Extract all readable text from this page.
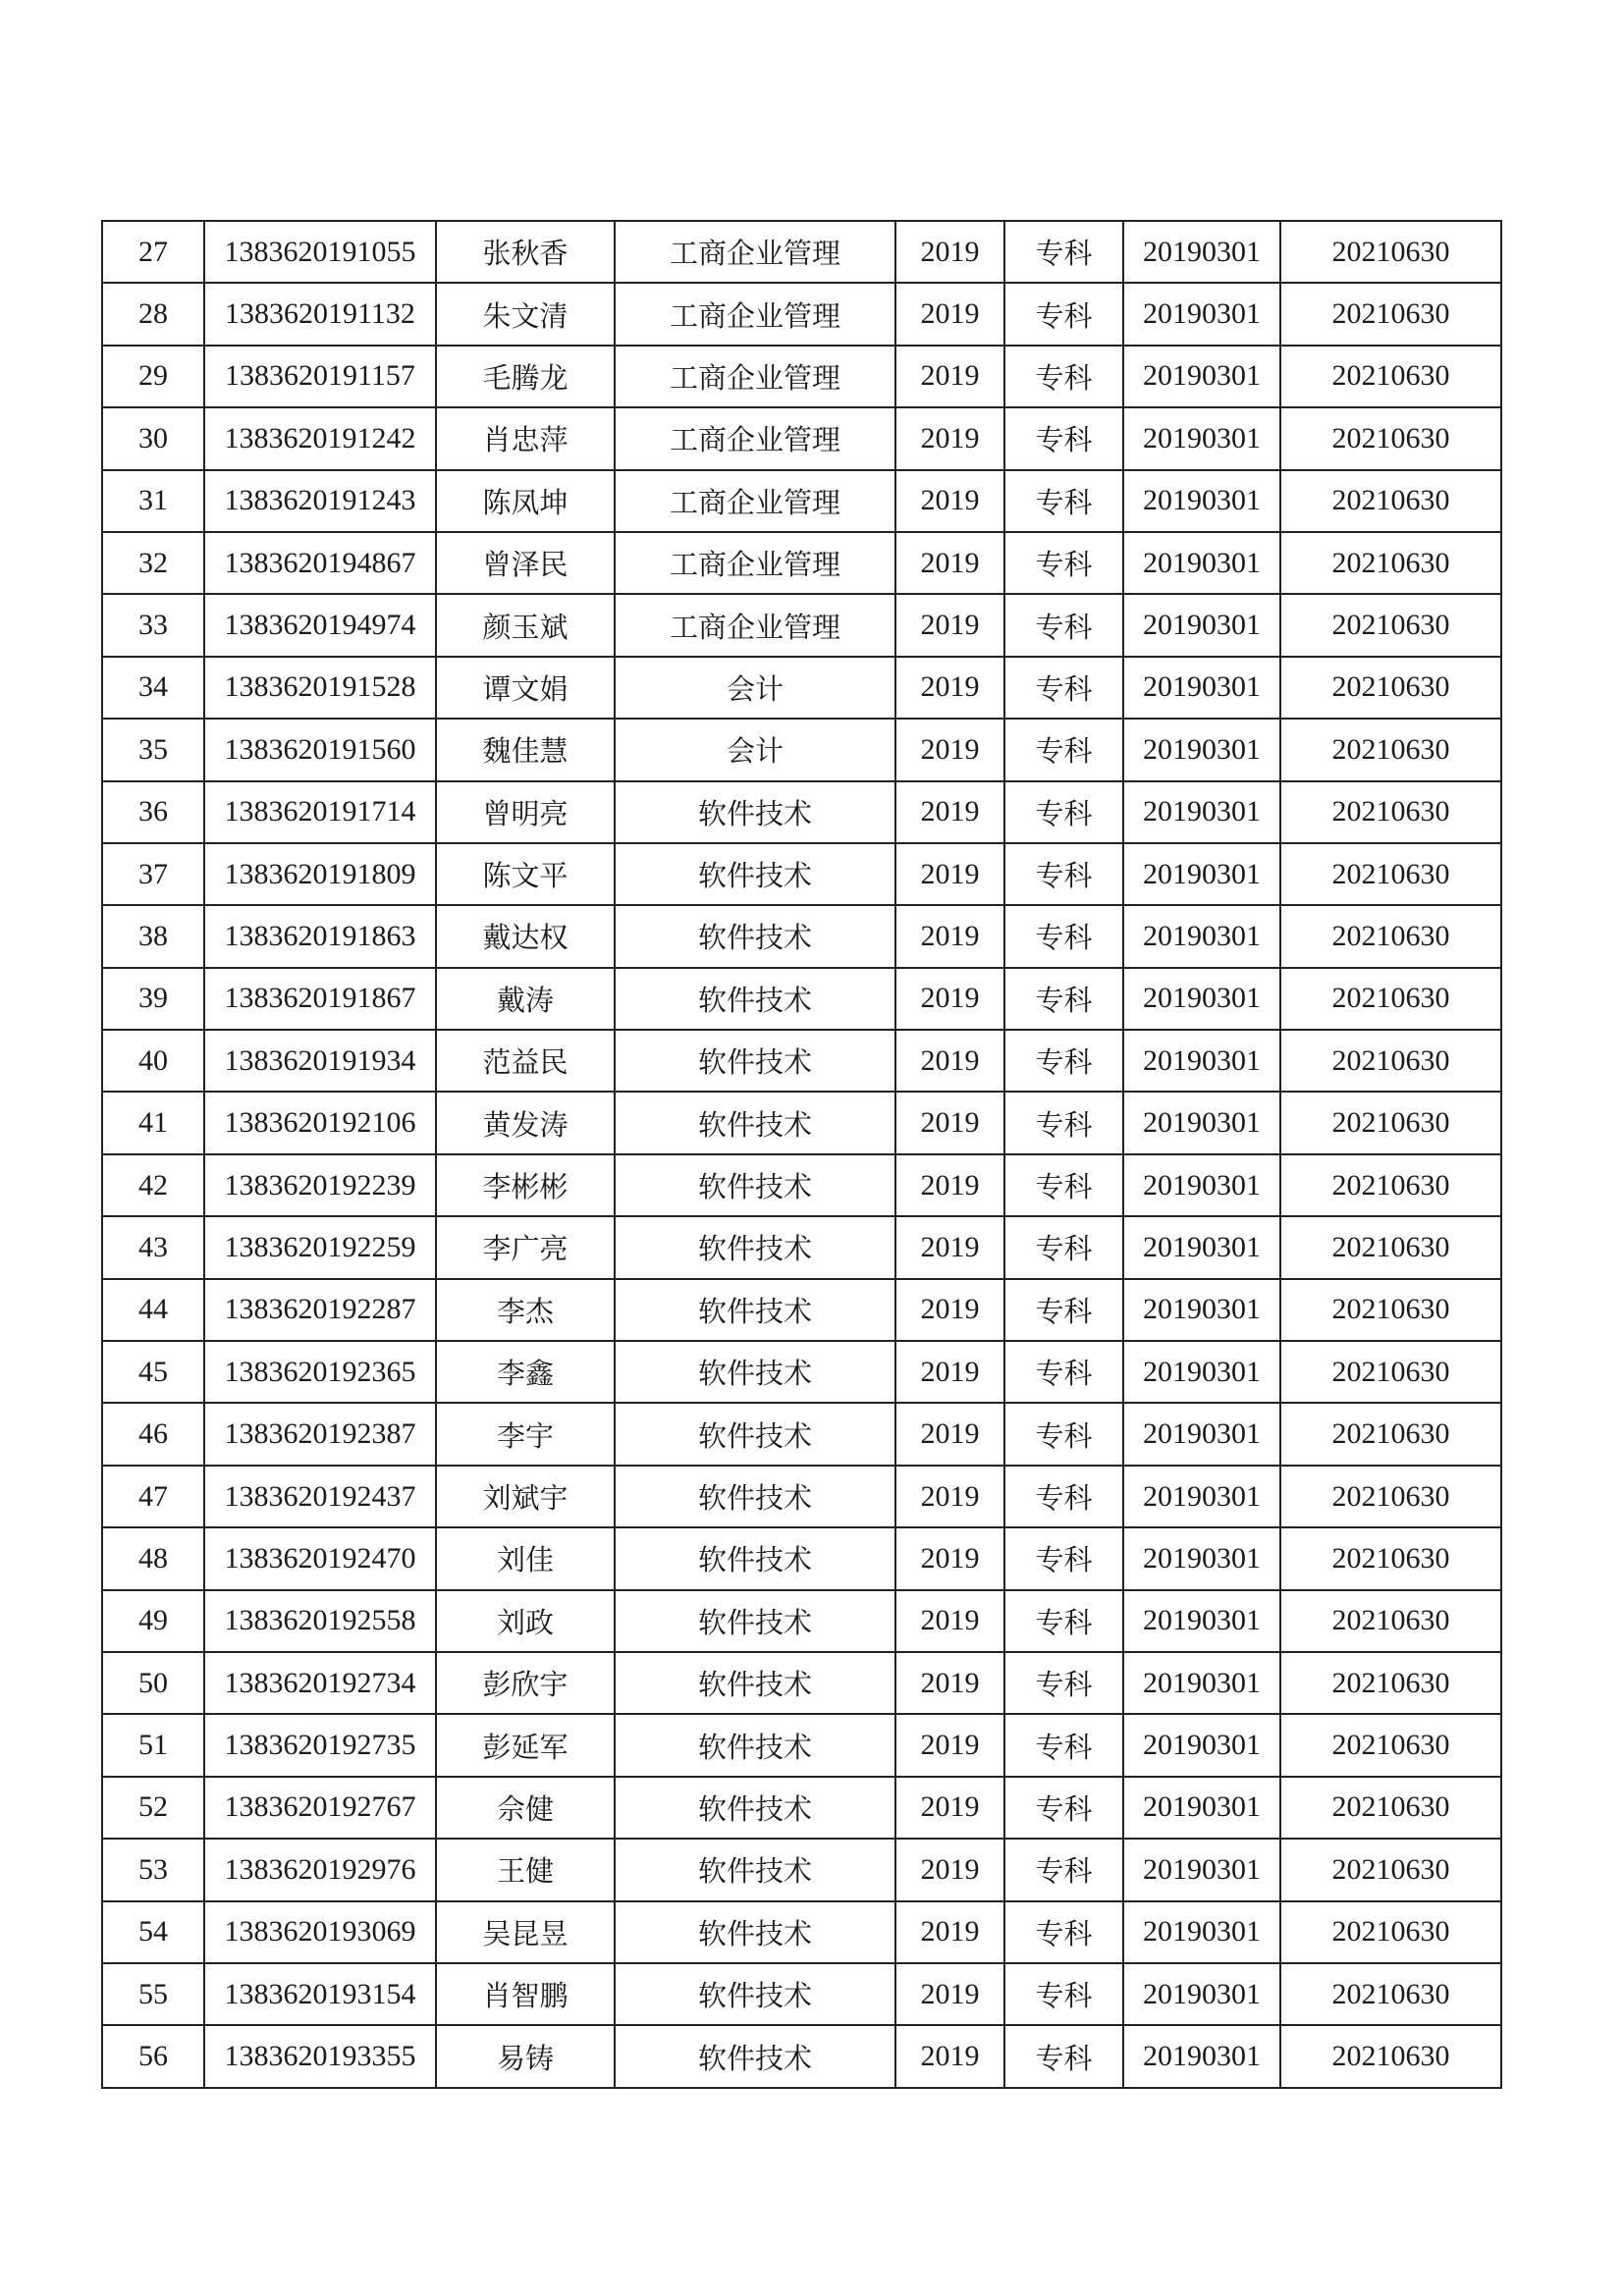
27	1383620191055	张秋香	工商企业管理	2019	专科	20190301	20210630
28	1383620191132	朱文清	工商企业管理	2019	专科	20190301	20210630
29	1383620191157	毛腾龙	工商企业管理	2019	专科	20190301	20210630
30	1383620191242	肖忠萍	工商企业管理	2019	专科	20190301	20210630
31	1383620191243	陈凤坤	工商企业管理	2019	专科	20190301	20210630
32	1383620194867	曾泽民	工商企业管理	2019	专科	20190301	20210630
33	1383620194974	颜玉斌	工商企业管理	2019	专科	20190301	20210630
34	1383620191528	谭文娟	会计	2019	专科	20190301	20210630
35	1383620191560	魏佳慧	会计	2019	专科	20190301	20210630
36	1383620191714	曾明亮	软件技术	2019	专科	20190301	20210630
37	1383620191809	陈文平	软件技术	2019	专科	20190301	20210630
38	1383620191863	戴达权	软件技术	2019	专科	20190301	20210630
39	1383620191867	戴涛	软件技术	2019	专科	20190301	20210630
40	1383620191934	范益民	软件技术	2019	专科	20190301	20210630
41	1383620192106	黄发涛	软件技术	2019	专科	20190301	20210630
42	1383620192239	李彬彬	软件技术	2019	专科	20190301	20210630
43	1383620192259	李广亮	软件技术	2019	专科	20190301	20210630
44	1383620192287	李杰	软件技术	2019	专科	20190301	20210630
45	1383620192365	李鑫	软件技术	2019	专科	20190301	20210630
46	1383620192387	李宇	软件技术	2019	专科	20190301	20210630
47	1383620192437	刘斌宇	软件技术	2019	专科	20190301	20210630
48	1383620192470	刘佳	软件技术	2019	专科	20190301	20210630
49	1383620192558	刘政	软件技术	2019	专科	20190301	20210630
50	1383620192734	彭欣宇	软件技术	2019	专科	20190301	20210630
51	1383620192735	彭延军	软件技术	2019	专科	20190301	20210630
52	1383620192767	佘健	软件技术	2019	专科	20190301	20210630
53	1383620192976	王健	软件技术	2019	专科	20190301	20210630
54	1383620193069	吴昆昱	软件技术	2019	专科	20190301	20210630
55	1383620193154	肖智鹏	软件技术	2019	专科	20190301	20210630
56	1383620193355	易铸	软件技术	2019	专科	20190301	20210630
